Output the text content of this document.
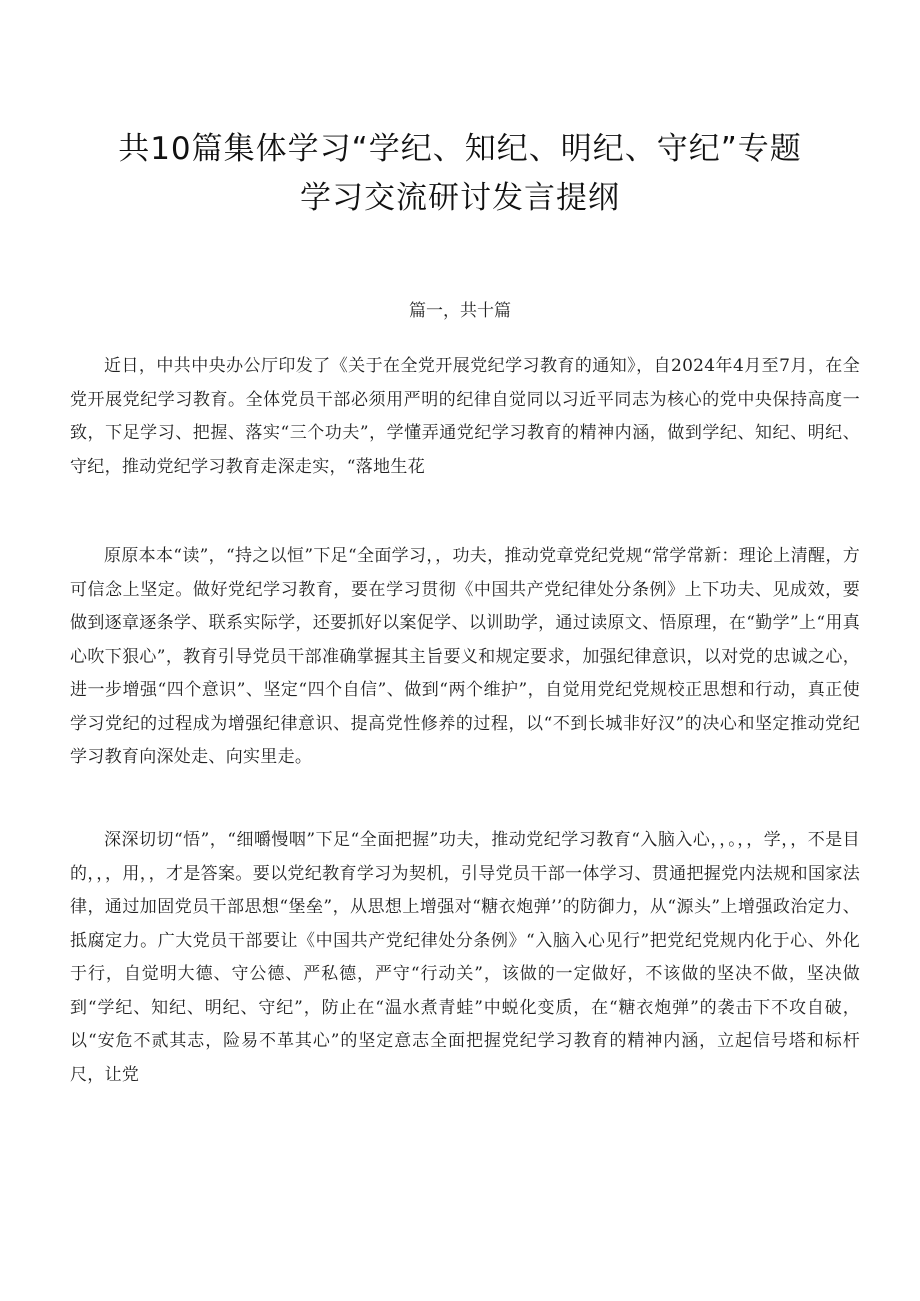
共10篇集体学习“学纪、知纪、明纪、守纪”专题
学习交流研讨发言提纲
篇一，共十篇

近日，中共中央办公厅印发了《关于在全党开展党纪学习教育的通知》，自2024年4月至7月，在全党开展党纪学习教育。全体党员干部必须用严明的纪律自觉同以习近平同志为核心的党中央保持高度一致，下足学习、把握、落实“三个功夫”，学懂弄通党纪学习教育的精神内涵，做到学纪、知纪、明纪、守纪，推动党纪学习教育走深走实，“落地生花

原原本本“读”，“持之以恒”下足“全面学习，，功夫，推动党章党纪党规“常学常新：理论上清醒，方可信念上坚定。做好党纪学习教育，要在学习贯彻《中国共产党纪律处分条例》上下功夫、见成效，要做到逐章逐条学、联系实际学，还要抓好以案促学、以训助学，通过读原文、悟原理，在“勤学”上“用真心吹下狠心”，教育引导党员干部准确掌握其主旨要义和规定要求，加强纪律意识，以对党的忠诚之心，进一步增强“四个意识”、坚定“四个自信”、做到“两个维护”，自觉用党纪党规校正思想和行动，真正使学习党纪的过程成为增强纪律意识、提高党性修养的过程，以“不到长城非好汉”的决心和坚定推动党纪学习教育向深处走、向实里走。

深深切切“悟”，“细嚼慢咽”下足“全面把握”功夫，推动党纪学习教育“入脑入心，，。，，学，，不是目的，，，用，，才是答案。要以党纪教育学习为契机，引导党员干部一体学习、贯通把握党内法规和国家法律，通过加固党员干部思想“堡垒”，从思想上增强对“糖衣炮弹’’的防御力，从“源头”上增强政治定力、抵腐定力。广大党员干部要让《中国共产党纪律处分条例》“入脑入心见行”把党纪党规内化于心、外化于行，自觉明大德、守公德、严私德，严守“行动关”，该做的一定做好，不该做的坚决不做，坚决做到“学纪、知纪、明纪、守纪”，防止在“温水煮青蛙”中蜕化变质，在“糖衣炮弹”的袭击下不攻自破，以“安危不贰其志，险易不革其心”的坚定意志全面把握党纪学习教育的精神内涵，立起信号塔和标杆尺，让党
